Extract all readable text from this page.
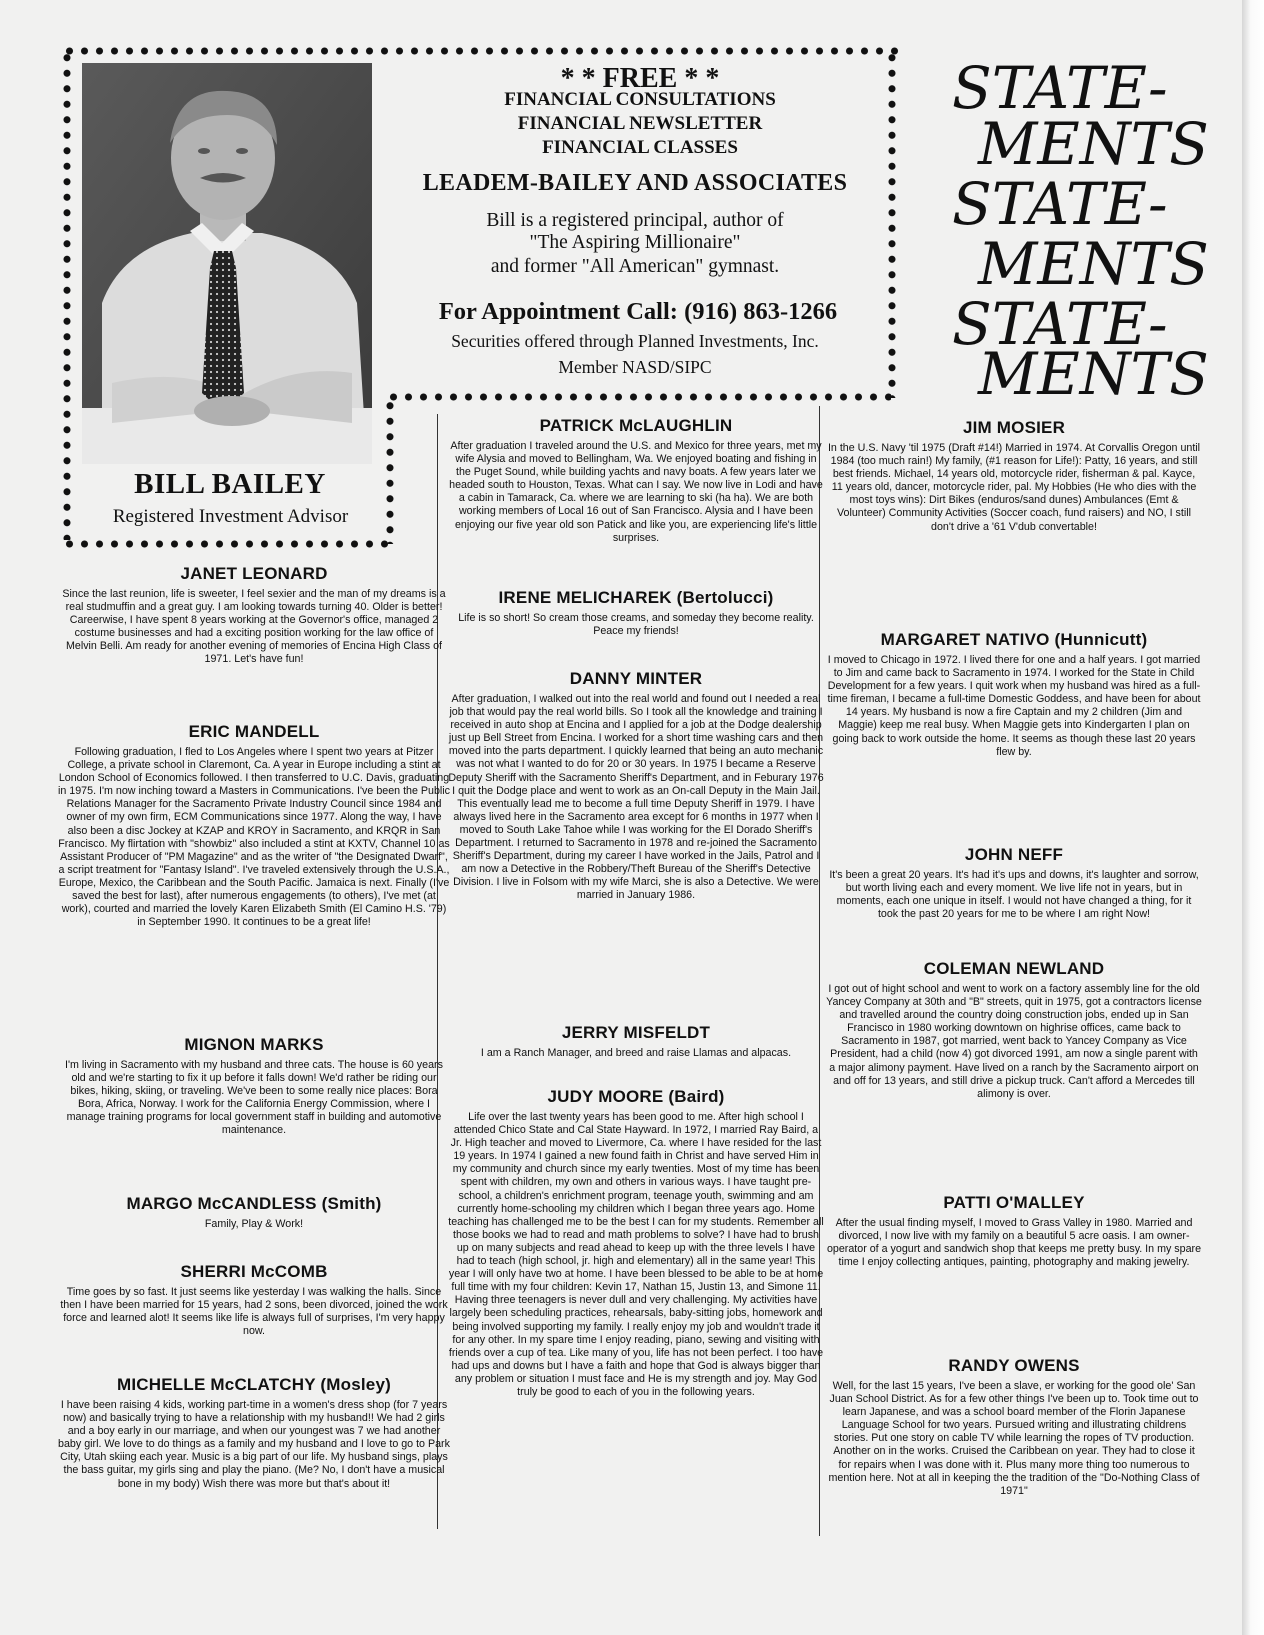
BILL BAILEY
Registered Investment Advisor
* * FREE * *
FINANCIAL CONSULTATIONS
FINANCIAL NEWSLETTER
FINANCIAL CLASSES
LEADEM-BAILEY AND ASSOCIATES
Bill is a registered principal, author of
"The Aspiring Millionaire"
and former "All American" gymnast.
For Appointment Call: (916) 863-1266
Securities offered through Planned Investments, Inc.
Member NASD/SIPC
STATE-
MENTS
STATE-
MENTS
STATE-
MENTS
JANET LEONARD

Since the last reunion, life is sweeter, I feel sexier and the man of my dreams is a real studmuffin and a great guy. I am looking towards turning 40. Older is better! Careerwise, I have spent 8 years working at the Governor's office, managed 2 costume businesses and had a exciting position working for the law office of Melvin Belli. Am ready for another evening of memories of Encina High Class of 1971. Let's have fun!

ERIC MANDELL

Following graduation, I fled to Los Angeles where I spent two years at Pitzer College, a private school in Claremont, Ca. A year in Europe including a stint at London School of Economics followed. I then transferred to U.C. Davis, graduating in 1975. I'm now inching toward a Masters in Communications. I've been the Public Relations Manager for the Sacramento Private Industry Council since 1984 and owner of my own firm, ECM Communications since 1977. Along the way, I have also been a disc Jockey at KZAP and KROY in Sacramento, and KRQR in San Francisco. My flirtation with "showbiz" also included a stint at KXTV, Channel 10 as Assistant Producer of "PM Magazine" and as the writer of "the Designated Dwarf", a script treatment for "Fantasy Island". I've traveled extensively through the U.S.A., Europe, Mexico, the Caribbean and the South Pacific. Jamaica is next. Finally (I've saved the best for last), after numerous engagements (to others), I've met (at work), courted and married the lovely Karen Elizabeth Smith (El Camino H.S. '79) in September 1990. It continues to be a great life!

MIGNON MARKS

I'm living in Sacramento with my husband and three cats. The house is 60 years old and we're starting to fix it up before it falls down! We'd rather be riding our bikes, hiking, skiing, or traveling. We've been to some really nice places: Bora Bora, Africa, Norway. I work for the California Energy Commission, where I manage training programs for local government staff in building and automotive maintenance.

MARGO McCANDLESS (Smith)

Family, Play & Work!

SHERRI McCOMB

Time goes by so fast. It just seems like yesterday I was walking the halls. Since then I have been married for 15 years, had 2 sons, been divorced, joined the work force and learned alot! It seems like life is always full of surprises, I'm very happy now.

MICHELLE McCLATCHY (Mosley)

I have been raising 4 kids, working part-time in a women's dress shop (for 7 years now) and basically trying to have a relationship with my husband!! We had 2 girls and a boy early in our marriage, and when our youngest was 7 we had another baby girl. We love to do things as a family and my husband and I love to go to Park City, Utah skiing each year. Music is a big part of our life. My husband sings, plays the bass guitar, my girls sing and play the piano. (Me? No, I don't have a musical bone in my body) Wish there was more but that's about it!

PATRICK McLAUGHLIN

After graduation I traveled around the U.S. and Mexico for three years, met my wife Alysia and moved to Bellingham, Wa. We enjoyed boating and fishing in the Puget Sound, while building yachts and navy boats. A few years later we headed south to Houston, Texas. What can I say. We now live in Lodi and have a cabin in Tamarack, Ca. where we are learning to ski (ha ha). We are both working members of Local 16 out of San Francisco. Alysia and I have been enjoying our five year old son Patick and like you, are experiencing life's little surprises.

IRENE MELICHAREK (Bertolucci)

Life is so short! So cream those creams, and someday they become reality. Peace my friends!

DANNY MINTER

After graduation, I walked out into the real world and found out I needed a real job that would pay the real world bills. So I took all the knowledge and training I received in auto shop at Encina and I applied for a job at the Dodge dealership just up Bell Street from Encina. I worked for a short time washing cars and then moved into the parts department. I quickly learned that being an auto mechanic was not what I wanted to do for 20 or 30 years. In 1975 I became a Reserve Deputy Sheriff with the Sacramento Sheriff's Department, and in Feburary 1976 I quit the Dodge place and went to work as an On-call Deputy in the Main Jail. This eventually lead me to become a full time Deputy Sheriff in 1979. I have always lived here in the Sacramento area except for 6 months in 1977 when I moved to South Lake Tahoe while I was working for the El Dorado Sheriff's Department. I returned to Sacramento in 1978 and re-joined the Sacramento Sheriff's Department, during my career I have worked in the Jails, Patrol and I am now a Detective in the Robbery/Theft Bureau of the Sheriff's Detective Division. I live in Folsom with my wife Marci, she is also a Detective. We were married in January 1986.

JERRY MISFELDT

I am a Ranch Manager, and breed and raise Llamas and alpacas.

JUDY MOORE (Baird)

Life over the last twenty years has been good to me. After high school I attended Chico State and Cal State Hayward. In 1972, I married Ray Baird, a Jr. High teacher and moved to Livermore, Ca. where I have resided for the last 19 years. In 1974 I gained a new found faith in Christ and have served Him in my community and church since my early twenties. Most of my time has been spent with children, my own and others in various ways. I have taught pre-school, a children's enrichment program, teenage youth, swimming and am currently home-schooling my children which I began three years ago. Home teaching has challenged me to be the best I can for my students. Remember all those books we had to read and math problems to solve? I have had to brush up on many subjects and read ahead to keep up with the three levels I have had to teach (high school, jr. high and elementary) all in the same year! This year I will only have two at home. I have been blessed to be able to be at home full time with my four children: Kevin 17, Nathan 15, Justin 13, and Simone 11. Having three teenagers is never dull and very challenging. My activities have largely been scheduling practices, rehearsals, baby-sitting jobs, homework and being involved supporting my family. I really enjoy my job and wouldn't trade it for any other. In my spare time I enjoy reading, piano, sewing and visiting with friends over a cup of tea. Like many of you, life has not been perfect. I too have had ups and downs but I have a faith and hope that God is always bigger than any problem or situation I must face and He is my strength and joy. May God truly be good to each of you in the following years.

JIM MOSIER

In the U.S. Navy 'til 1975 (Draft #14!) Married in 1974. At Corvallis Oregon until 1984 (too much rain!) My family, (#1 reason for Life!): Patty, 16 years, and still best friends. Michael, 14 years old, motorcycle rider, fisherman & pal. Kayce, 11 years old, dancer, motorcycle rider, pal. My Hobbies (He who dies with the most toys wins): Dirt Bikes (enduros/sand dunes) Ambulances (Emt & Volunteer) Community Activities (Soccer coach, fund raisers) and NO, I still don't drive a '61 V'dub convertable!

MARGARET NATIVO (Hunnicutt)

I moved to Chicago in 1972. I lived there for one and a half years. I got married to Jim and came back to Sacramento in 1974. I worked for the State in Child Development for a few years. I quit work when my husband was hired as a full-time fireman, I became a full-time Domestic Goddess, and have been for about 14 years. My husband is now a fire Captain and my 2 children (Jim and Maggie) keep me real busy. When Maggie gets into Kindergarten I plan on going back to work outside the home. It seems as though these last 20 years flew by.

JOHN NEFF

It's been a great 20 years. It's had it's ups and downs, it's laughter and sorrow, but worth living each and every moment. We live life not in years, but in moments, each one unique in itself. I would not have changed a thing, for it took the past 20 years for me to be where I am right Now!

COLEMAN NEWLAND

I got out of hight school and went to work on a factory assembly line for the old Yancey Company at 30th and "B" streets, quit in 1975, got a contractors license and travelled around the country doing construction jobs, ended up in San Francisco in 1980 working downtown on highrise offices, came back to Sacramento in 1987, got married, went back to Yancey Company as Vice President, had a child (now 4) got divorced 1991, am now a single parent with a major alimony payment. Have lived on a ranch by the Sacramento airport on and off for 13 years, and still drive a pickup truck. Can't afford a Mercedes till alimony is over.

PATTI O'MALLEY

After the usual finding myself, I moved to Grass Valley in 1980. Married and divorced, I now live with my family on a beautiful 5 acre oasis. I am owner-operator of a yogurt and sandwich shop that keeps me pretty busy. In my spare time I enjoy collecting antiques, painting, photography and making jewelry.

RANDY OWENS

Well, for the last 15 years, I've been a slave, er working for the good ole' San Juan School District. As for a few other things I've been up to. Took time out to learn Japanese, and was a school board member of the Florin Japanese Language School for two years. Pursued writing and illustrating childrens stories. Put one story on cable TV while learning the ropes of TV production. Another on in the works. Cruised the Caribbean on year. They had to close it for repairs when I was done with it. Plus many more thing too numerous to mention here. Not at all in keeping the the tradition of the "Do-Nothing Class of 1971"
